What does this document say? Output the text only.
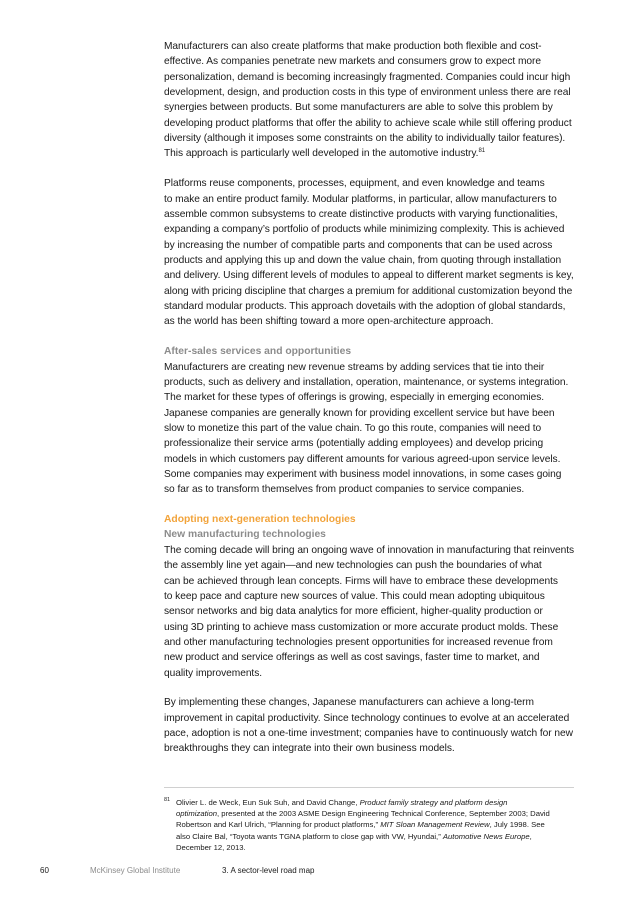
Manufacturers can also create platforms that make production both flexible and cost-
effective. As companies penetrate new markets and consumers grow to expect more
personalization, demand is becoming increasingly fragmented. Companies could incur high
development, design, and production costs in this type of environment unless there are real
synergies between products. But some manufacturers are able to solve this problem by
developing product platforms that offer the ability to achieve scale while still offering product
diversity (although it imposes some constraints on the ability to individually tailor features).
This approach is particularly well developed in the automotive industry.$^{81}$

Platforms reuse components, processes, equipment, and even knowledge and teams
to make an entire product family. Modular platforms, in particular, allow manufacturers to
assemble common subsystems to create distinctive products with varying functionalities,
expanding a company’s portfolio of products while minimizing complexity. This is achieved
by increasing the number of compatible parts and components that can be used across
products and applying this up and down the value chain, from quoting through installation
and delivery. Using different levels of modules to appeal to different market segments is key,
along with pricing discipline that charges a premium for additional customization beyond the
standard modular products. This approach dovetails with the adoption of global standards,
as the world has been shifting toward a more open-architecture approach.

After-sales services and opportunities

Manufacturers are creating new revenue streams by adding services that tie into their
products, such as delivery and installation, operation, maintenance, or systems integration.
The market for these types of offerings is growing, especially in emerging economies.
Japanese companies are generally known for providing excellent service but have been
slow to monetize this part of the value chain. To go this route, companies will need to
professionalize their service arms (potentially adding employees) and develop pricing
models in which customers pay different amounts for various agreed-upon service levels.
Some companies may experiment with business model innovations, in some cases going
so far as to transform themselves from product companies to service companies.

Adopting next-generation technologies
New manufacturing technologies

The coming decade will bring an ongoing wave of innovation in manufacturing that reinvents
the assembly line yet again—and new technologies can push the boundaries of what
can be achieved through lean concepts. Firms will have to embrace these developments
to keep pace and capture new sources of value. This could mean adopting ubiquitous
sensor networks and big data analytics for more efficient, higher-quality production or
using 3D printing to achieve mass customization or more accurate product molds. These
and other manufacturing technologies present opportunities for increased revenue from
new product and service offerings as well as cost savings, faster time to market, and
quality improvements.

By implementing these changes, Japanese manufacturers can achieve a long-term
improvement in capital productivity. Since technology continues to evolve at an accelerated
pace, adoption is not a one-time investment; companies have to continuously watch for new
breakthroughs they can integrate into their own business models.

81 Olivier L. de Weck, Eun Suk Suh, and David Change, Product family strategy and platform design
optimization, presented at the 2003 ASME Design Engineering Technical Conference, September 2003; David
Robertson and Karl Ulrich, “Planning for product platforms,” MIT Sloan Management Review, July 1998. See
also Claire Bal, “Toyota wants TGNA platform to close gap with VW, Hyundai,” Automotive News Europe,
December 12, 2013.
60	McKinsey Global Institute	3. A sector-level road map
